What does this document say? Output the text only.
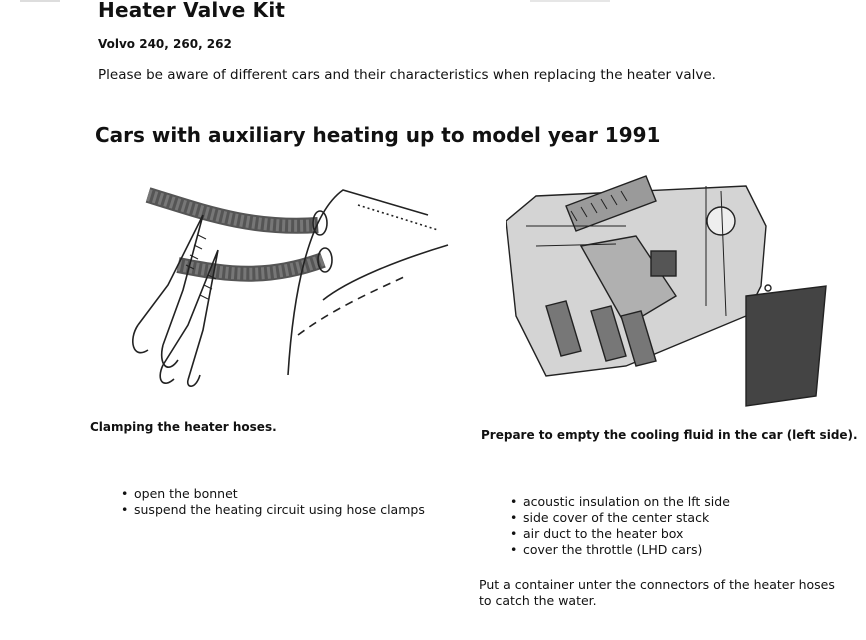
Heater Valve Kit
Volvo 240, 260, 262
Please be aware of different cars and their characteristics when replacing the heater valve.
Cars with auxiliary heating up to model year 1991
Clamping the heater hoses.
Prepare to empty the cooling fluid in the car (left side).
• open the bonnet
• suspend the heating circuit using hose clamps
• acoustic insulation on the lft side
• side cover of the center stack
• air duct to the heater box
• cover the throttle (LHD cars)
Put a container unter the connectors of the heater hoses to catch the water.
